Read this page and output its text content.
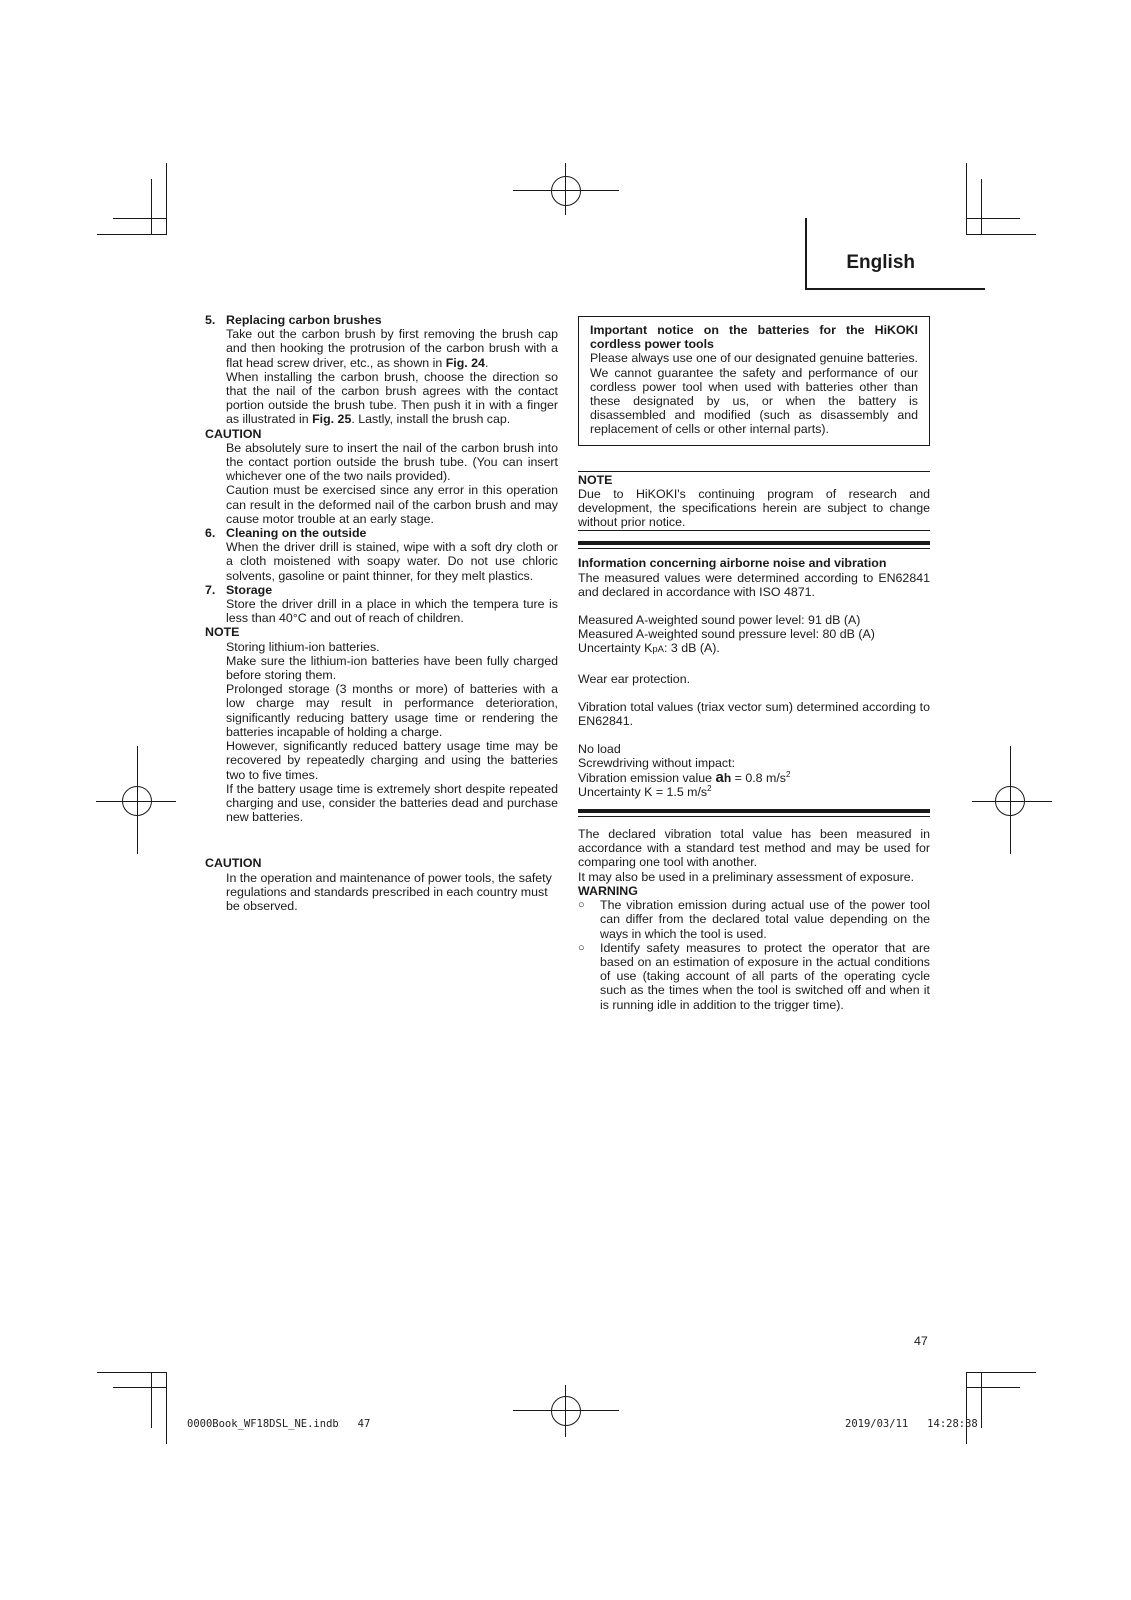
English
5. Replacing carbon brushes

Take out the carbon brush by first removing the brush cap and then hooking the protrusion of the carbon brush with a flat head screw driver, etc., as shown in Fig. 24.

When installing the carbon brush, choose the direction so that the nail of the carbon brush agrees with the contact portion outside the brush tube. Then push it in with a finger as illustrated in Fig. 25. Lastly, install the brush cap.

CAUTION

Be absolutely sure to insert the nail of the carbon brush into the contact portion outside the brush tube. (You can insert whichever one of the two nails provided).

Caution must be exercised since any error in this operation can result in the deformed nail of the carbon brush and may cause motor trouble at an early stage.

6. Cleaning on the outside

When the driver drill is stained, wipe with a soft dry cloth or a cloth moistened with soapy water. Do not use chloric solvents, gasoline or paint thinner, for they melt plastics.

7. Storage

Store the driver drill in a place in which the tempera ture is less than 40°C and out of reach of children.

NOTE

Storing lithium-ion batteries.

Make sure the lithium-ion batteries have been fully charged before storing them.

Prolonged storage (3 months or more) of batteries with a low charge may result in performance deterioration, significantly reducing battery usage time or rendering the batteries incapable of holding a charge.

However, significantly reduced battery usage time may be recovered by repeatedly charging and using the batteries two to five times.

If the battery usage time is extremely short despite repeated charging and use, consider the batteries dead and purchase new batteries.

CAUTION

In the operation and maintenance of power tools, the safety regulations and standards prescribed in each country must be observed.

Important notice on the batteries for the HiKOKI cordless power tools

Please always use one of our designated genuine batteries. We cannot guarantee the safety and performance of our cordless power tool when used with batteries other than these designated by us, or when the battery is disassembled and modified (such as disassembly and replacement of cells or other internal parts).

NOTE

Due to HiKOKI's continuing program of research and development, the specifications herein are subject to change without prior notice.

Information concerning airborne noise and vibration

The measured values were determined according to EN62841 and declared in accordance with ISO 4871.

Measured A-weighted sound power level: 91 dB (A)

Measured A-weighted sound pressure level: 80 dB (A)

Uncertainty KpA: 3 dB (A).

Wear ear protection.

Vibration total values (triax vector sum) determined according to EN62841.

No load

Screwdriving without impact:

Vibration emission value ah = 0.8 $m/s^2$

Uncertainty K = 1.5 $m/s^2$

The declared vibration total value has been measured in accordance with a standard test method and may be used for comparing one tool with another.

It may also be used in a preliminary assessment of exposure.

WARNING

○	The vibration emission during actual use of the power tool can differ from the declared total value depending on the ways in which the tool is used.
○	Identify safety measures to protect the operator that are based on an estimation of exposure in the actual conditions of use (taking account of all parts of the operating cycle such as the times when the tool is switched off and when it is running idle in addition to the trigger time).
47
0000Book_WF18DSL_NE.indb   47	2019/03/11   14:28:38
